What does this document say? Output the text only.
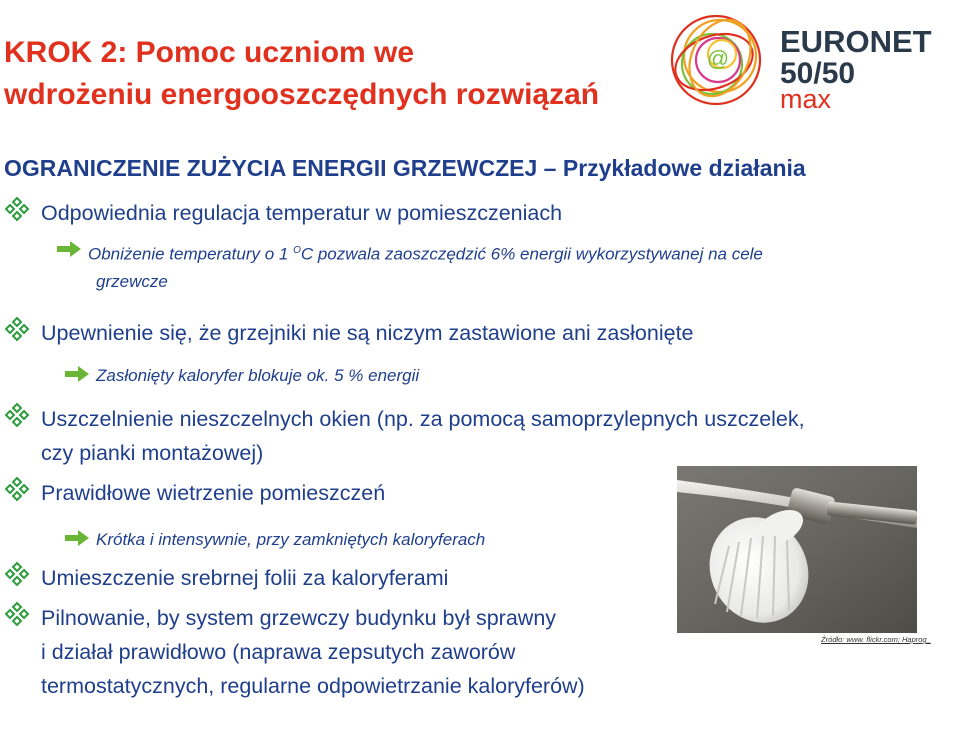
KROK 2: Pomoc uczniom we
wdrożeniu energooszczędnych rozwiązań
@ EURONET
50/50
max
OGRANICZENIE ZUŻYCIA ENERGII GRZEWCZEJ – Przykładowe działania
Odpowiednia regulacja temperatur w pomieszczeniach
Obniżenie temperatury o 1 $^O$C pozwala zaoszczędzić 6% energii wykorzystywanej na cele
grzewcze
Upewnienie się, że grzejniki nie są niczym zastawione ani zasłonięte
Zasłonięty kaloryfer blokuje ok. 5 % energii
Uszczelnienie nieszczelnych okien (np. za pomocą samoprzylepnych uszczelek,
czy pianki montażowej)
Prawidłowe wietrzenie pomieszczeń
Krótka i intensywnie, przy zamkniętych kaloryferach
Umieszczenie srebrnej folii za kaloryferami
Pilnowanie, by system grzewczy budynku był sprawny
i działał prawidłowo (naprawa zepsutych zaworów
termostatycznych, regularne odpowietrzanie kaloryferów)
Źródło: www. flickr.com; Haprog_
